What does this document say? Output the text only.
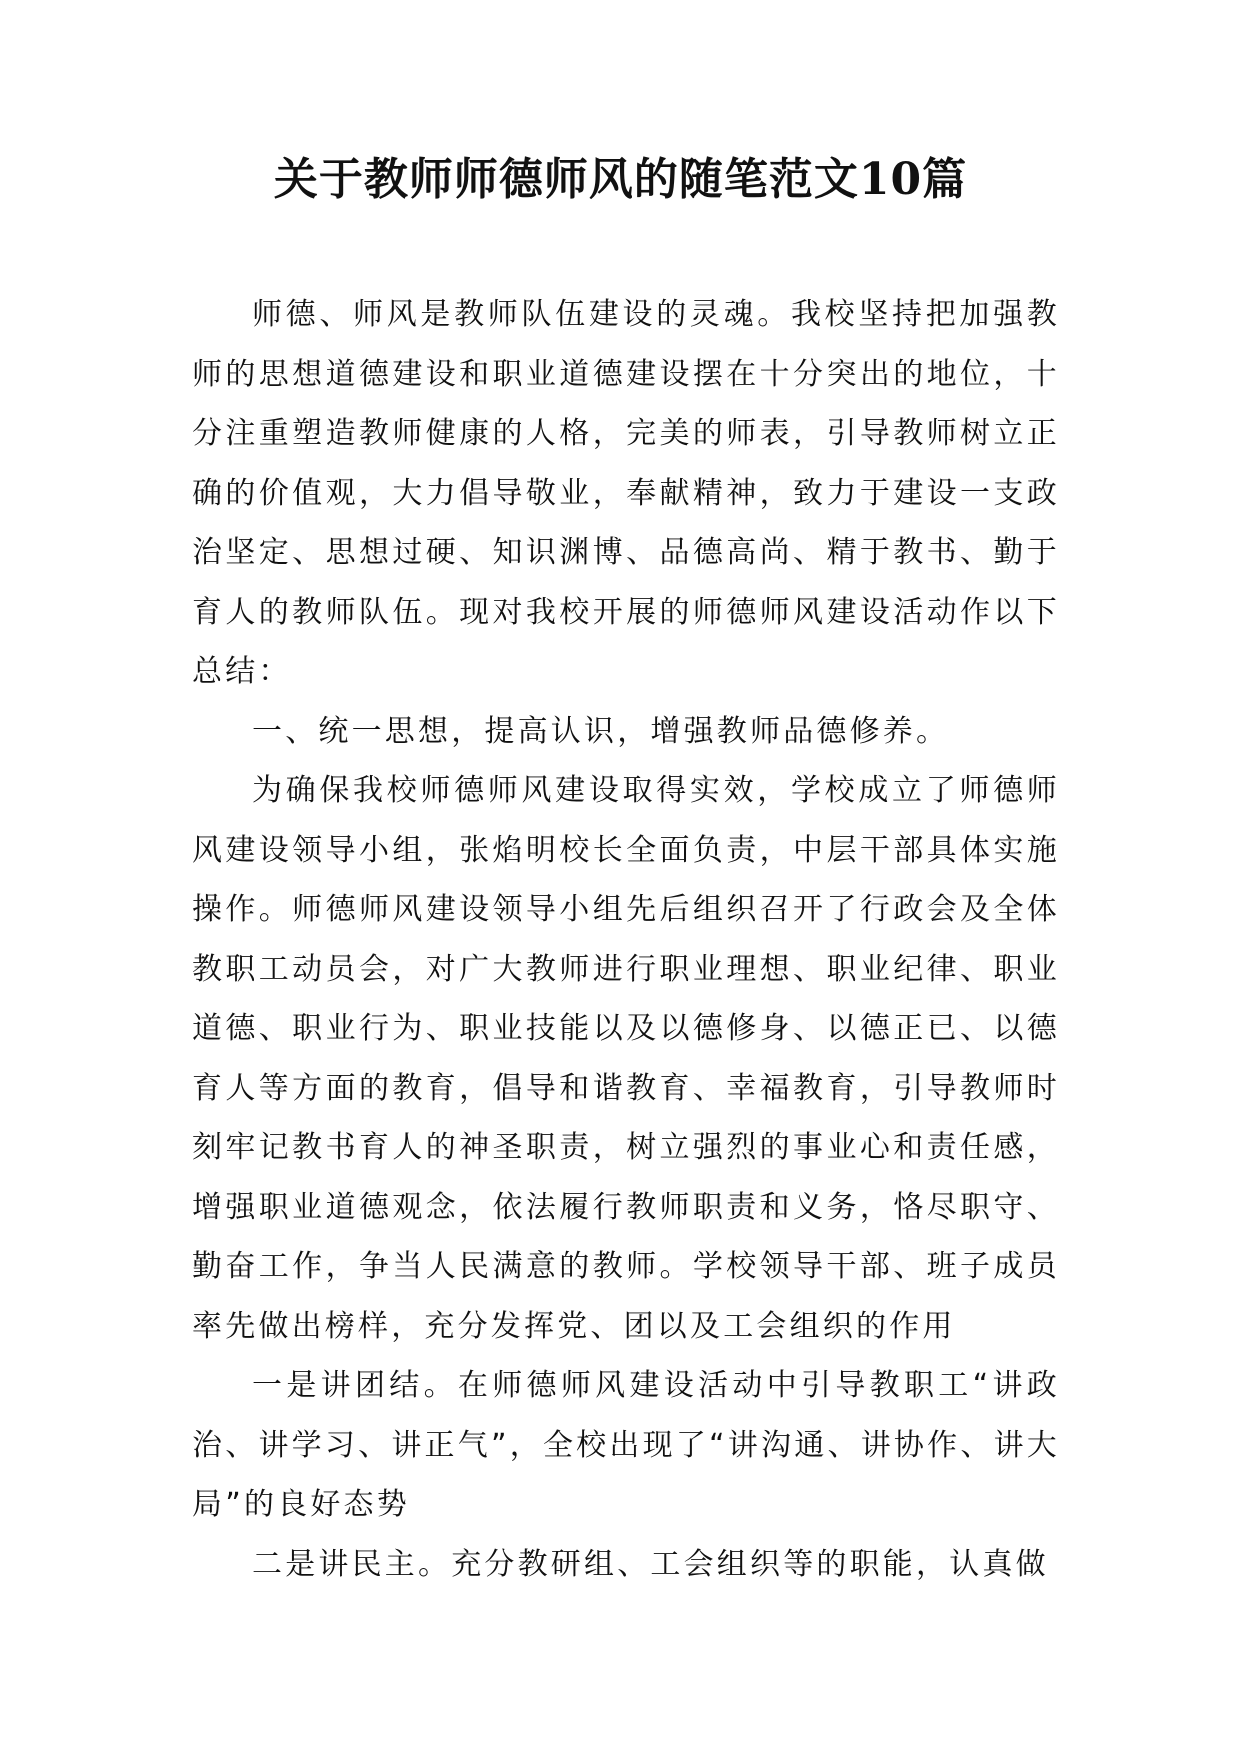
关于教师师德师风的随笔范文10篇

师德、师风是教师队伍建设的灵魂。我校坚持把加强教师的思想道德建设和职业道德建设摆在十分突出的地位，十分注重塑造教师健康的人格，完美的师表，引导教师树立正确的价值观，大力倡导敬业，奉献精神，致力于建设一支政治坚定、思想过硬、知识渊博、品德高尚、精于教书、勤于育人的教师队伍。现对我校开展的师德师风建设活动作以下总结：

一、统一思想，提高认识，增强教师品德修养。

为确保我校师德师风建设取得实效，学校成立了师德师风建设领导小组，张焰明校长全面负责，中层干部具体实施操作。师德师风建设领导小组先后组织召开了行政会及全体教职工动员会，对广大教师进行职业理想、职业纪律、职业道德、职业行为、职业技能以及以德修身、以德正已、以德育人等方面的教育，倡导和谐教育、幸福教育，引导教师时刻牢记教书育人的神圣职责，树立强烈的事业心和责任感，增强职业道德观念，依法履行教师职责和义务，恪尽职守、勤奋工作，争当人民满意的教师。学校领导干部、班子成员率先做出榜样，充分发挥党、团以及工会组织的作用

一是讲团结。在师德师风建设活动中引导教职工“讲政治、讲学习、讲正气”，全校出现了“讲沟通、讲协作、讲大局”的良好态势

二是讲民主。充分教研组、工会组织等的职能，认真做
